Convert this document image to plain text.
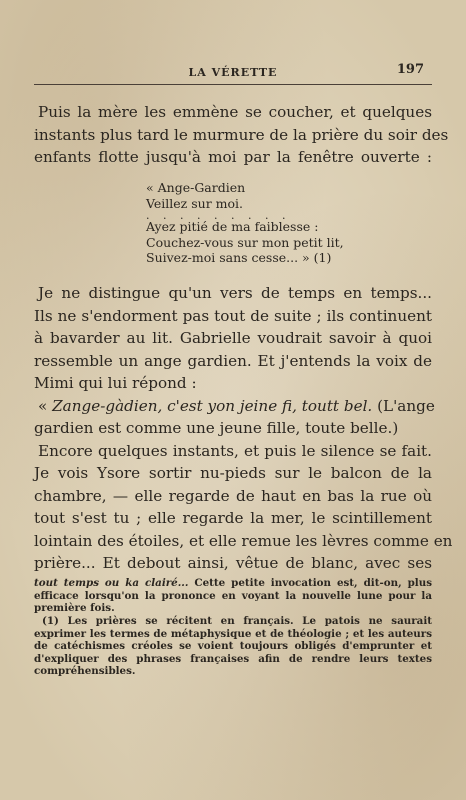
LA VÉRETTE	197
Puis la mère les emmène se coucher, et quelques
instants plus tard le murmure de la prière du soir des
enfants flotte jusqu'à moi par la fenêtre ouverte :
« Ange-Gardien
Veillez sur moi.
. . . . . . . . .
Ayez pitié de ma faiblesse :
Couchez-vous sur mon petit lit,
Suivez-moi sans cesse... » (1)
Je ne distingue qu'un vers de temps en temps...
Ils ne s'endorment pas tout de suite ; ils continuent
à bavarder au lit. Gabrielle voudrait savoir à quoi
ressemble un ange gardien. Et j'entends la voix de
Mimi qui lui répond :
« Zange-gàdien, c'est yon jeine fi, toutt bel. (L'ange
gardien est comme une jeune fille, toute belle.)
Encore quelques instants, et puis le silence se fait.
Je vois Ysore sortir nu-pieds sur le balcon de la
chambre, — elle regarde de haut en bas la rue où
tout s'est tu ; elle regarde la mer, le scintillement
lointain des étoiles, et elle remue les lèvres comme en
prière... Et debout ainsi, vêtue de blanc, avec ses
tout temps ou ka clairé... Cette petite invocation est, dit-on, plus
efficace lorsqu'on la prononce en voyant la nouvelle lune pour la
première fois.
(1) Les prières se récitent en français. Le patois ne saurait
exprimer les termes de métaphysique et de théologie ; et les auteurs
de catéchismes créoles se voient toujours obligés d'emprunter et
d'expliquer des phrases françaises afin de rendre leurs textes
compréhensibles.
